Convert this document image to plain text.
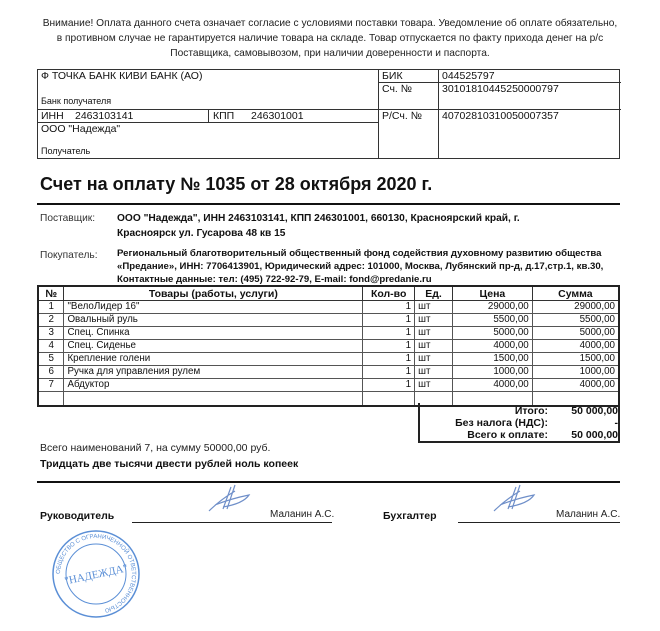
Внимание! Оплата данного счета означает согласие с условиями поставки товара. Уведомление об оплате обязательно, в противном случае не гарантируется наличие товара на складе. Товар отпускается по факту прихода денег на р/с Поставщика, самовывозом, при наличии доверенности и паспорта.
Ф ТОЧКА БАНК КИВИ БАНК (АО)
Банк получателя
ИНН 2463103141	КПП 246301001
ООО "Надежда"
Получатель
БИК	044525797
Сч. №	30101810445250000797
Р/Сч. № 40702810310050007357
Счет на оплату № 1035 от 28 октября 2020 г.
Поставщик: ООО "Надежда", ИНН 2463103141, КПП 246301001, 660130, Красноярский край, г.
Красноярск ул. Гусарова 48 кв 15
Покупатель: Региональный благотворительный общественный фонд содействия духовному развитию общества
«Предание», ИНН: 7706413901, Юридический адрес: 101000, Москва, Лубянский пр-д, д.17,стр.1, кв.30,
Контактные данные: тел: (495) 722-92-79, E-mail: fond@predanie.ru
№	Товары (работы, услуги)	Кол-во	Ед.	Цена	Сумма
1	"ВелоЛидер 16"	1	шт	29000,00	29000,00
2	Овальный руль	1	шт	5500,00	5500,00
3	Спец. Спинка	1	шт	5000,00	5000,00
4	Спец. Сиденье	1	шт	4000,00	4000,00
5	Крепление голени	1	шт	1500,00	1500,00
6	Ручка для управления рулем	1	шт	1000,00	1000,00
7	Абдуктор	1	шт	4000,00	4000,00

Итого: 50 000,00
Без налога (НДС):	-
Всего к оплате: 50 000,00
Всего наименований 7, на сумму 50000,00 руб.
Тридцать две тысячи двести рублей ноль копеек
Руководитель	Маланин А.С.	Бухгалтер	Маланин А.С.
ОБЩЕСТВО С ОГРАНИЧЕННОЙ ОТВЕТСТВЕННОСТЬЮ
"НАДЕЖДА"
